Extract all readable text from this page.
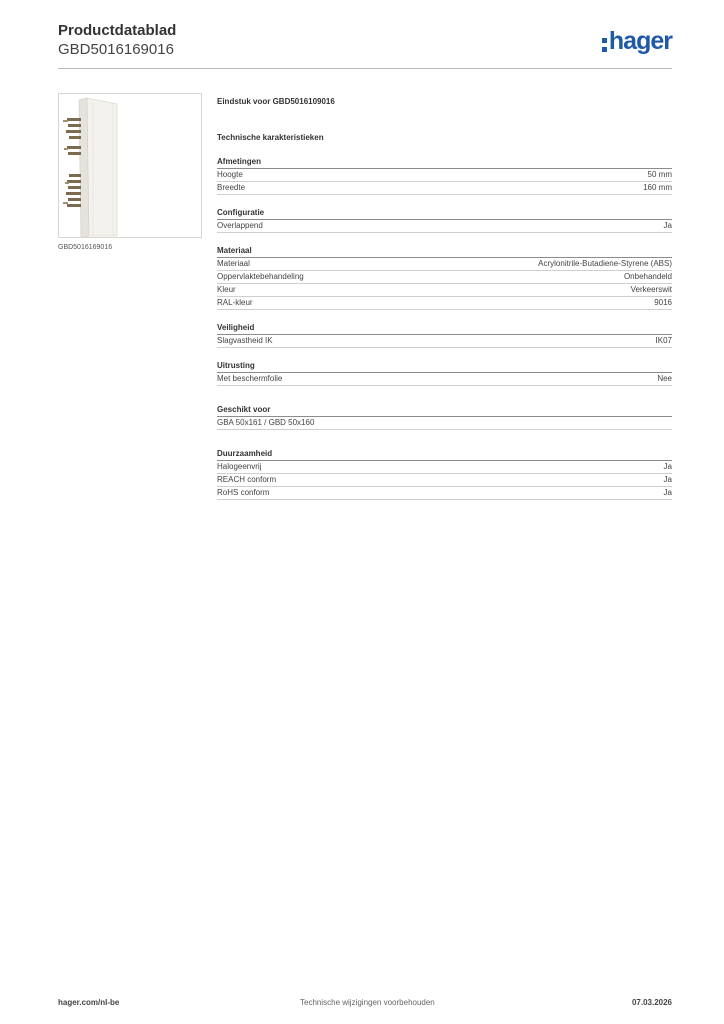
Productdatablad
GBD5016169016	hager
GBD5016169016
Eindstuk voor GBD5016109016
Technische karakteristieken
Afmetingen
Hoogte	50 mm
Breedte	160 mm
Configuratie
Overlappend	Ja
Materiaal
Materiaal	Acrylonitrile-Butadiene-Styrene (ABS)
Oppervlaktebehandeling	Onbehandeld
Kleur	Verkeerswit
RAL-kleur	9016
Veiligheid
Slagvastheid IK	IK07
Uitrusting
Met beschermfolie	Nee
Geschikt voor
GBA 50x161 / GBD 50x160
Duurzaamheid
Halogeenvrij	Ja
REACH conform	Ja
RoHS conform	Ja
hager.com/nl-be	Technische wijzigingen voorbehouden	07.03.2026
